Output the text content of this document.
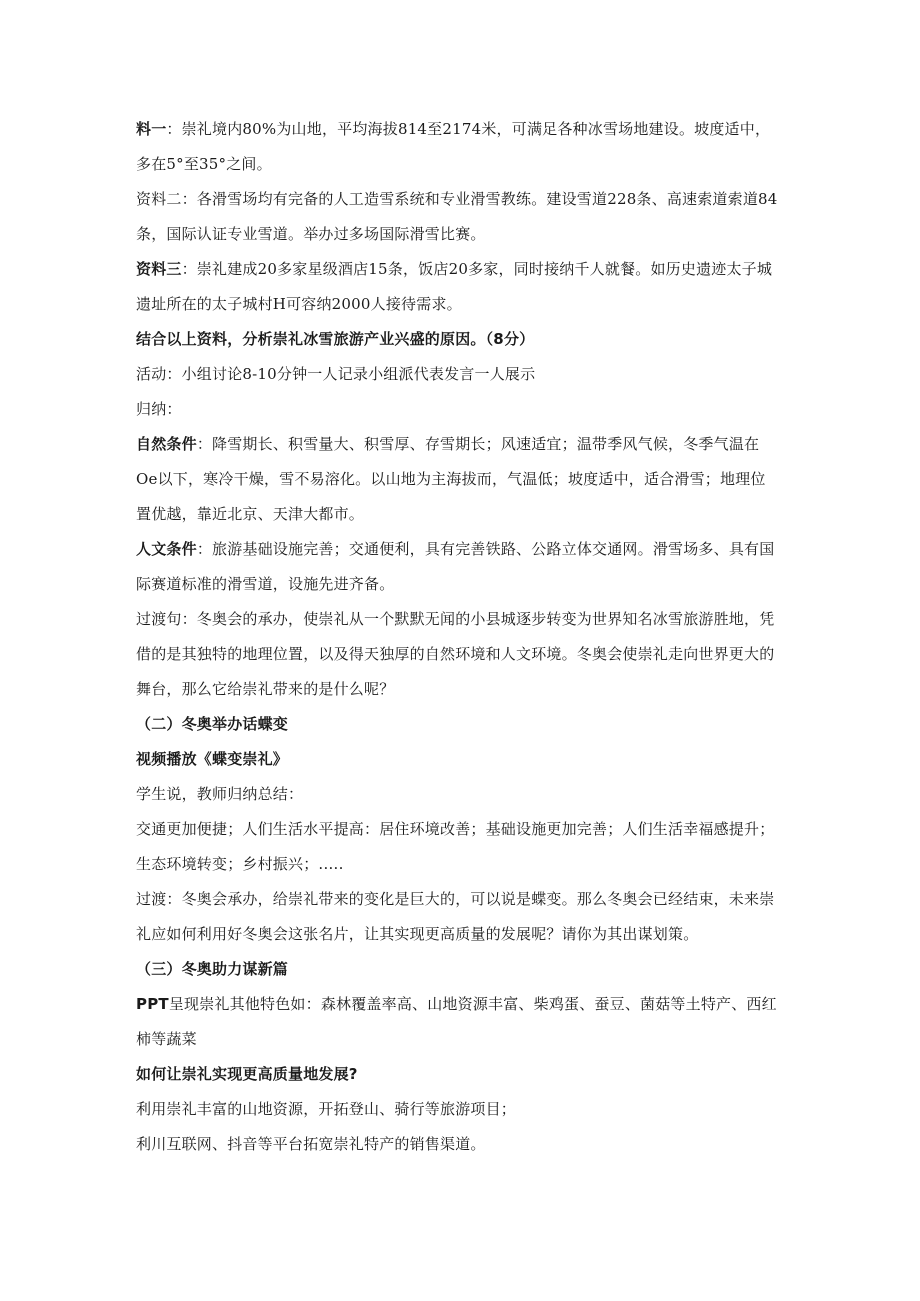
料一：崇礼境内80%为山地，平均海拔814至2174米，可满足各种冰雪场地建设。坡度适中，多在5°至35°之间。

资料二：各滑雪场均有完备的人工造雪系统和专业滑雪教练。建设雪道228条、高速索道索道84条，国际认证专业雪道。举办过多场国际滑雪比赛。

资料三：崇礼建成20多家星级酒店15条，饭店20多家，同时接纳千人就餐。如历史遗迹太子城遗址所在的太子城村H可容纳2000人接待需求。

结合以上资料，分析崇礼冰雪旅游产业兴盛的原因。（8分）

活动：小组讨论8-10分钟一人记录小组派代表发言一人展示

归纳：

自然条件：降雪期长、积雪量大、积雪厚、存雪期长；风速适宜；温带季风气候，冬季气温在Oe以下，寒冷干燥，雪不易溶化。以山地为主海拔而，气温低；坡度适中，适合滑雪；地理位置优越，靠近北京、天津大都市。

人文条件：旅游基础设施完善；交通便利，具有完善铁路、公路立体交通网。滑雪场多、具有国际赛道标准的滑雪道，设施先进齐备。

过渡句：冬奥会的承办，使崇礼从一个默默无闻的小县城逐步转变为世界知名冰雪旅游胜地，凭借的是其独特的地理位置，以及得天独厚的自然环境和人文环境。冬奥会使崇礼走向世界更大的舞台，那么它给崇礼带来的是什么呢？

（二）冬奥举办话蝶变

视频播放《蝶变崇礼》

学生说，教师归纳总结：

交通更加便捷；人们生活水平提高：居住环境改善；基础设施更加完善；人们生活幸福感提升；生态环境转变；乡村振兴；.….

过渡：冬奥会承办，给崇礼带来的变化是巨大的，可以说是蝶变。那么冬奥会已经结束，未来崇礼应如何利用好冬奥会这张名片，让其实现更高质量的发展呢？请你为其出谋划策。

（三）冬奥助力谋新篇

PPT呈现崇礼其他特色如：森林覆盖率高、山地资源丰富、柴鸡蛋、蚕豆、菌菇等土特产、西红柿等蔬菜

如何让崇礼实现更高质量地发展?

利用崇礼丰富的山地资源，开拓登山、骑行等旅游项目；

利川互联网、抖音等平台拓宽崇礼特产的销售渠道。
